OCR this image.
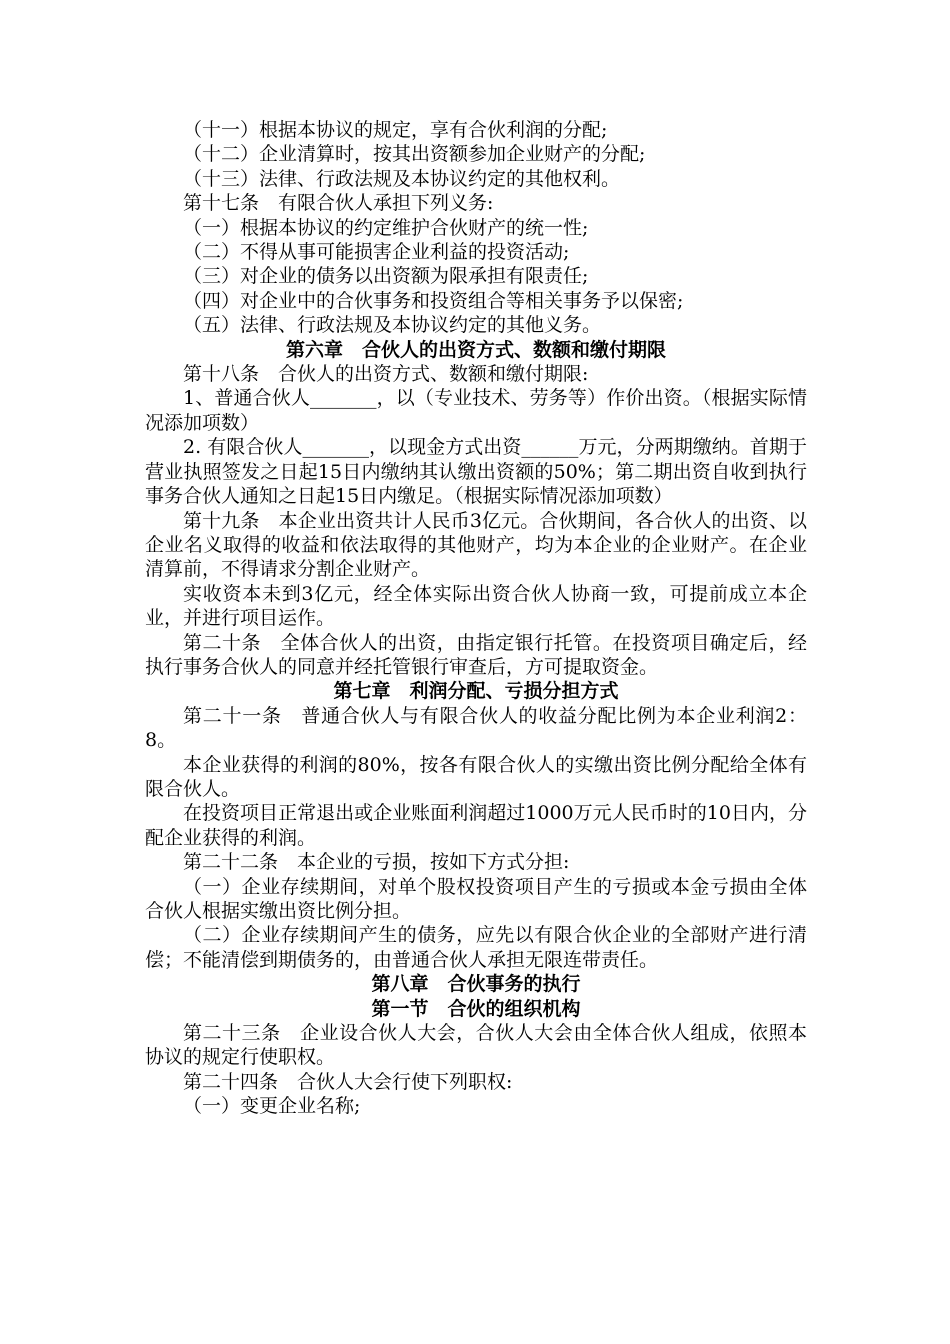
（十一）根据本协议的规定，享有合伙利润的分配;

（十二）企业清算时，按其出资额参加企业财产的分配;

（十三）法律、行政法规及本协议约定的其他权利。

第十七条　有限合伙人承担下列义务:

（一）根据本协议的约定维护合伙财产的统一性;

（二）不得从事可能损害企业利益的投资活动;

（三）对企业的债务以出资额为限承担有限责任;

（四）对企业中的合伙事务和投资组合等相关事务予以保密;

（五）法律、行政法规及本协议约定的其他义务。

第六章　合伙人的出资方式、数额和缴付期限

第十八条　合伙人的出资方式、数额和缴付期限:

1、普通合伙人_______，以（专业技术、劳务等）作价出资。（根据实际情况添加项数）

2. 有限合伙人_______，以现金方式出资______万元，分两期缴纳。首期于营业执照签发之日起15日内缴纳其认缴出资额的50%；第二期出资自收到执行事务合伙人通知之日起15日内缴足。（根据实际情况添加项数）

第十九条　本企业出资共计人民币3亿元。合伙期间，各合伙人的出资、以企业名义取得的收益和依法取得的其他财产，均为本企业的企业财产。在企业清算前，不得请求分割企业财产。

实收资本未到3亿元，经全体实际出资合伙人协商一致，可提前成立本企业，并进行项目运作。

第二十条　全体合伙人的出资，由指定银行托管。在投资项目确定后，经执行事务合伙人的同意并经托管银行审查后，方可提取资金。

第七章　利润分配、亏损分担方式

第二十一条　普通合伙人与有限合伙人的收益分配比例为本企业利润2：8。

本企业获得的利润的80%，按各有限合伙人的实缴出资比例分配给全体有限合伙人。

在投资项目正常退出或企业账面利润超过1000万元人民币时的10日内，分配企业获得的利润。

第二十二条　本企业的亏损，按如下方式分担:

（一）企业存续期间，对单个股权投资项目产生的亏损或本金亏损由全体合伙人根据实缴出资比例分担。

（二）企业存续期间产生的债务，应先以有限合伙企业的全部财产进行清偿；不能清偿到期债务的，由普通合伙人承担无限连带责任。

第八章　合伙事务的执行

第一节　合伙的组织机构

第二十三条　企业设合伙人大会，合伙人大会由全体合伙人组成，依照本协议的规定行使职权。

第二十四条　合伙人大会行使下列职权:

（一）变更企业名称;
